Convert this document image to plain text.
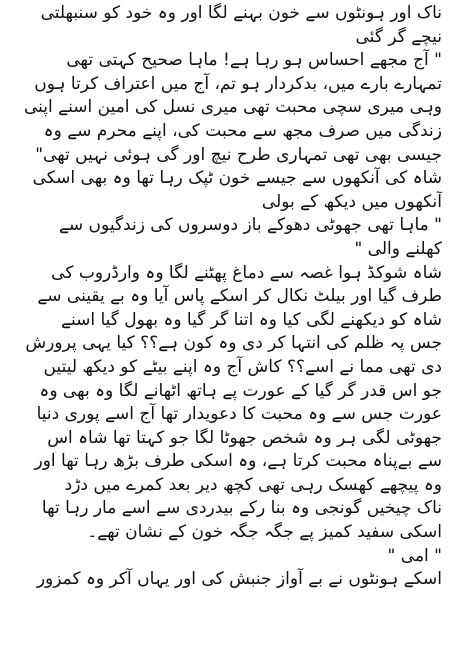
ناک اور ہونٹوں سے خون بہنے لگا اور وہ خود کو سنبھلتی
نیچے گر گئی
" آج مجھے احساس ہو رہا ہے! ماہا صحیح کہتی تھی
تمہارے بارے میں، بدکردار ہو تم، آج میں اعتراف کرتا ہوں
وہی میری سچی محبت تھی میری نسل کی امین اسنے اپنی
زندگی میں صرف مجھ سے محبت کی، اپنے محرم سے وہ
جیسی بھی تھی تمہاری طرح نیچ اور گی ہوئی نہیں تھی"
شاہ کی آنکھوں سے جیسے خون ٹپک رہا تھا وہ بھی اسکی
آنکھوں میں دیکھ کے بولی
" ماہا تھی جھوٹی دھوکے باز دوسروں کی زندگیوں سے
کھلنے والی "
شاہ شوکڈ ہوا غصہ سے دماغ پھٹنے لگا وہ وارڈروب کی
طرف گیا اور بیلٹ نکال کر اسکے پاس آیا وہ بے یقینی سے
شاہ کو دیکھنے لگی کیا وہ اتنا گر گیا وہ بھول گیا اسنے
جس پہ ظلم کی انتہا کر دی وہ کون ہے؟؟ کیا یہی پرورش
دی تھی مما نے اسے؟؟ کاش آج وہ اپنے بیٹے کو دیکھ لیتیں
جو اس قدر گر گیا کے عورت پے ہاتھ اٹھانے لگا وہ بھی وہ
عورت جس سے وہ محبت کا دعویدار تھا آج اسے پوری دنیا
جھوٹی لگی ہر وہ شخص جھوٹا لگا جو کہتا تھا شاہ اس
سے بےپناہ محبت کرتا ہے، وہ اسکی طرف بڑھ رہا تھا اور
وہ پیچھے کھسک رہی تھی کچھ دیر بعد کمرے میں دڑد
ناک چیخیں گونجی وہ بنا رکے بیدردی سے اسے مار رہا تھا
اسکی سفید کمیز پے جگہ جگہ خون کے نشان تھے۔
" امی "
اسکے ہونٹوں نے بے آواز جنبش کی اور یہاں آکر وہ کمزور
